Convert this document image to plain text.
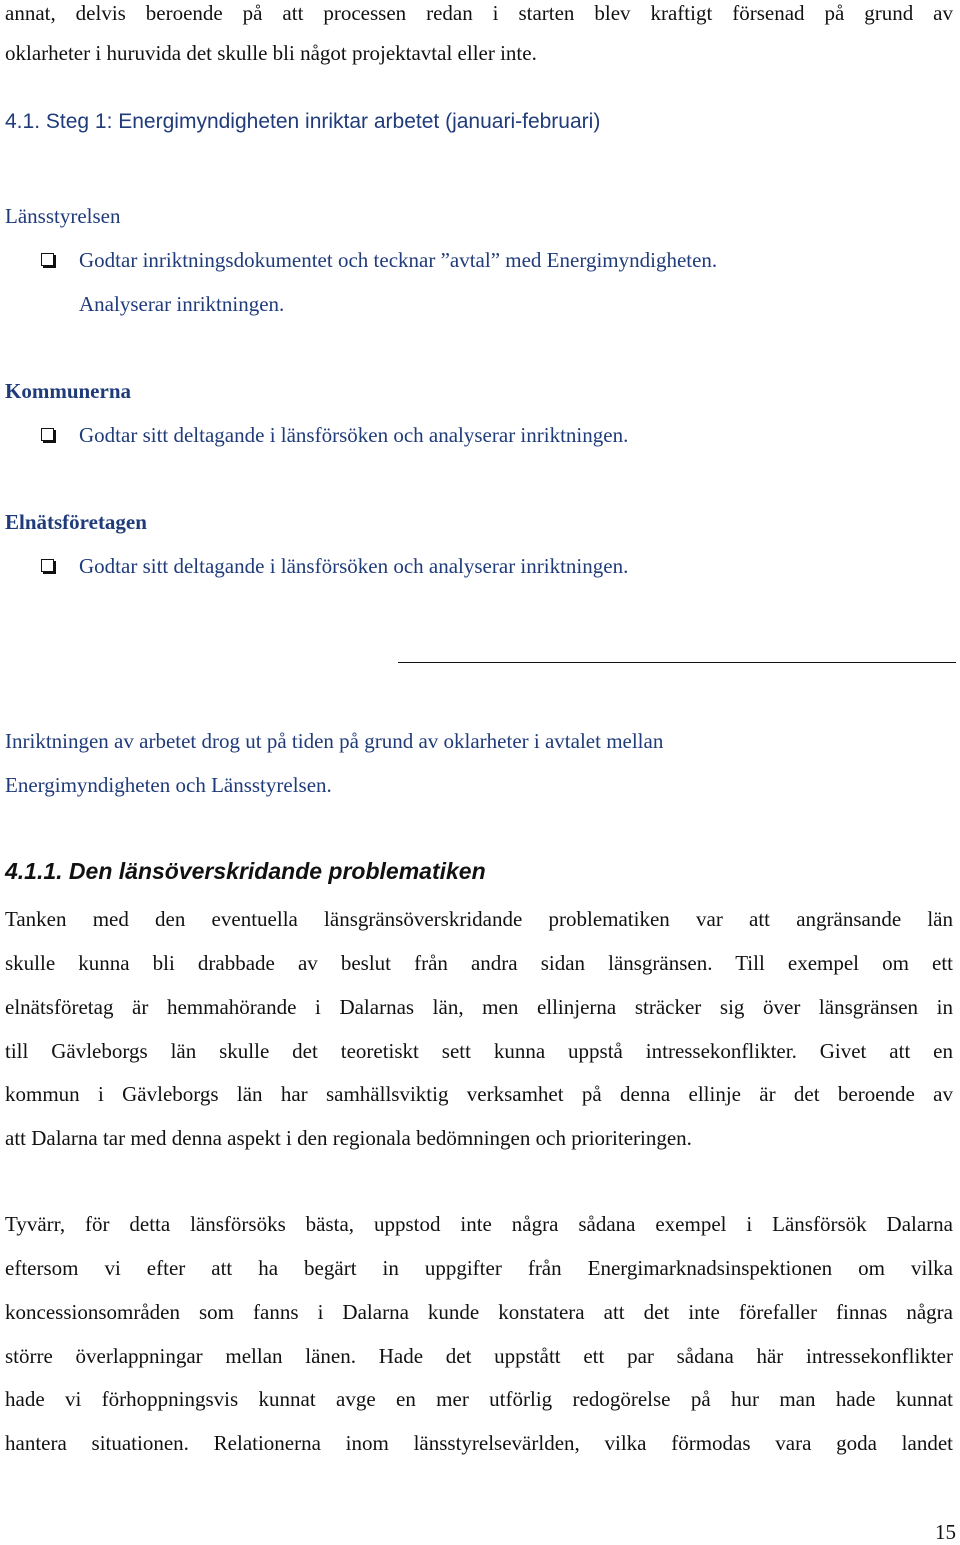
annat, delvis beroende på att processen redan i starten blev kraftigt försenad på grund av
oklarheter i huruvida det skulle bli något projektavtal eller inte.
4.1. Steg 1: Energimyndigheten inriktar arbetet (januari-februari)
Länsstyrelsen
Godtar inriktningsdokumentet och tecknar ”avtal” med Energimyndigheten.
Analyserar inriktningen.
Kommunerna
Godtar sitt deltagande i länsförsöken och analyserar inriktningen.
Elnätsföretagen
Godtar sitt deltagande i länsförsöken och analyserar inriktningen.
Inriktningen av arbetet drog ut på tiden på grund av oklarheter i avtalet mellan
Energimyndigheten och Länsstyrelsen.
4.1.1. Den länsöverskridande problematiken
Tanken med den eventuella länsgränsöverskridande problematiken var att angränsande län
skulle kunna bli drabbade av beslut från andra sidan länsgränsen. Till exempel om ett
elnätsföretag är hemmahörande i Dalarnas län, men ellinjerna sträcker sig över länsgränsen in
till Gävleborgs län skulle det teoretiskt sett kunna uppstå intressekonflikter. Givet att en
kommun i Gävleborgs län har samhällsviktig verksamhet på denna ellinje är det beroende av
att Dalarna tar med denna aspekt i den regionala bedömningen och prioriteringen.
Tyvärr, för detta länsförsöks bästa, uppstod inte några sådana exempel i Länsförsök Dalarna
eftersom vi efter att ha begärt in uppgifter från Energimarknadsinspektionen om vilka
koncessionsområden som fanns i Dalarna kunde konstatera att det inte förefaller finnas några
större överlappningar mellan länen. Hade det uppstått ett par sådana här intressekonflikter
hade vi förhoppningsvis kunnat avge en mer utförlig redogörelse på hur man hade kunnat
hantera situationen. Relationerna inom länsstyrelsevärlden, vilka förmodas vara goda landet
15
